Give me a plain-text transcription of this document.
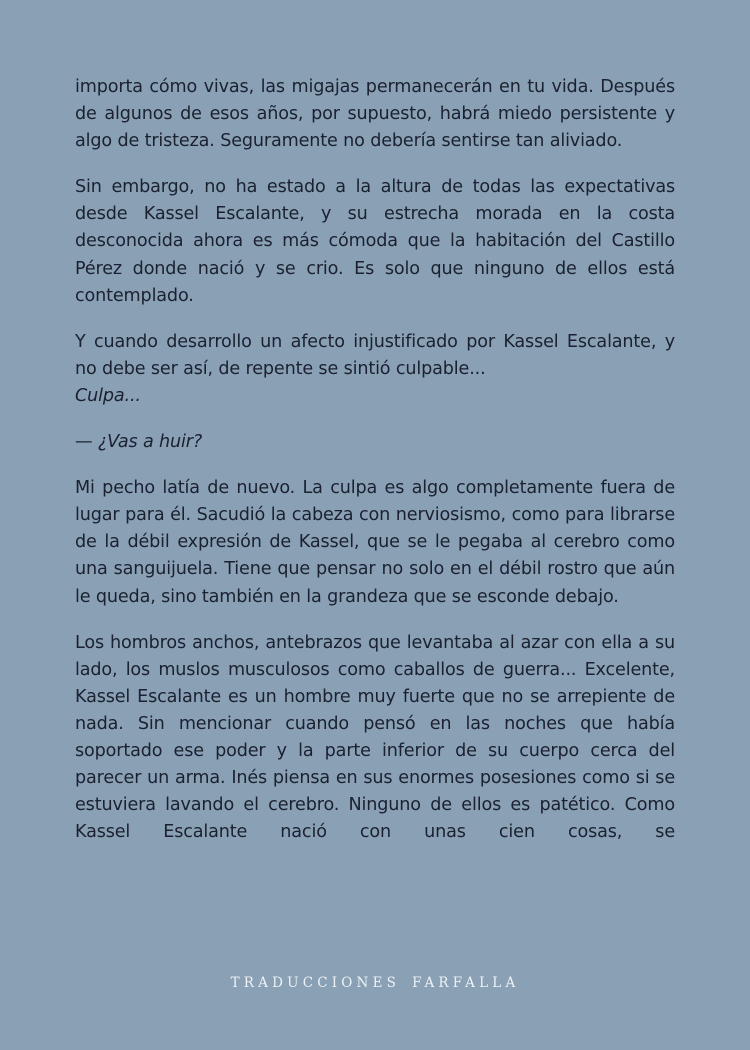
importa cómo vivas, las migajas permanecerán en tu vida. Después de algunos de esos años, por supuesto, habrá miedo persistente y algo de tristeza. Seguramente no debería sentirse tan aliviado.

Sin embargo, no ha estado a la altura de todas las expectativas desde Kassel Escalante, y su estrecha morada en la costa desconocida ahora es más cómoda que la habitación del Castillo Pérez donde nació y se crio. Es solo que ninguno de ellos está contemplado.

Y cuando desarrollo un afecto injustificado por Kassel Escalante, y no debe ser así, de repente se sintió culpable...
Culpa...

— ¿Vas a huir?

Mi pecho latía de nuevo. La culpa es algo completamente fuera de lugar para él. Sacudió la cabeza con nerviosismo, como para librarse de la débil expresión de Kassel, que se le pegaba al cerebro como una sanguijuela. Tiene que pensar no solo en el débil rostro que aún le queda, sino también en la grandeza que se esconde debajo.

Los hombros anchos, antebrazos que levantaba al azar con ella a su lado, los muslos musculosos como caballos de guerra... Excelente, Kassel Escalante es un hombre muy fuerte que no se arrepiente de nada. Sin mencionar cuando pensó en las noches que había soportado ese poder y la parte inferior de su cuerpo cerca del parecer un arma. Inés piensa en sus enormes posesiones como si se estuviera lavando el cerebro. Ninguno de ellos es patético. Como Kassel Escalante nació con unas cien cosas, se

TRADUCCIONES FARFALLA
